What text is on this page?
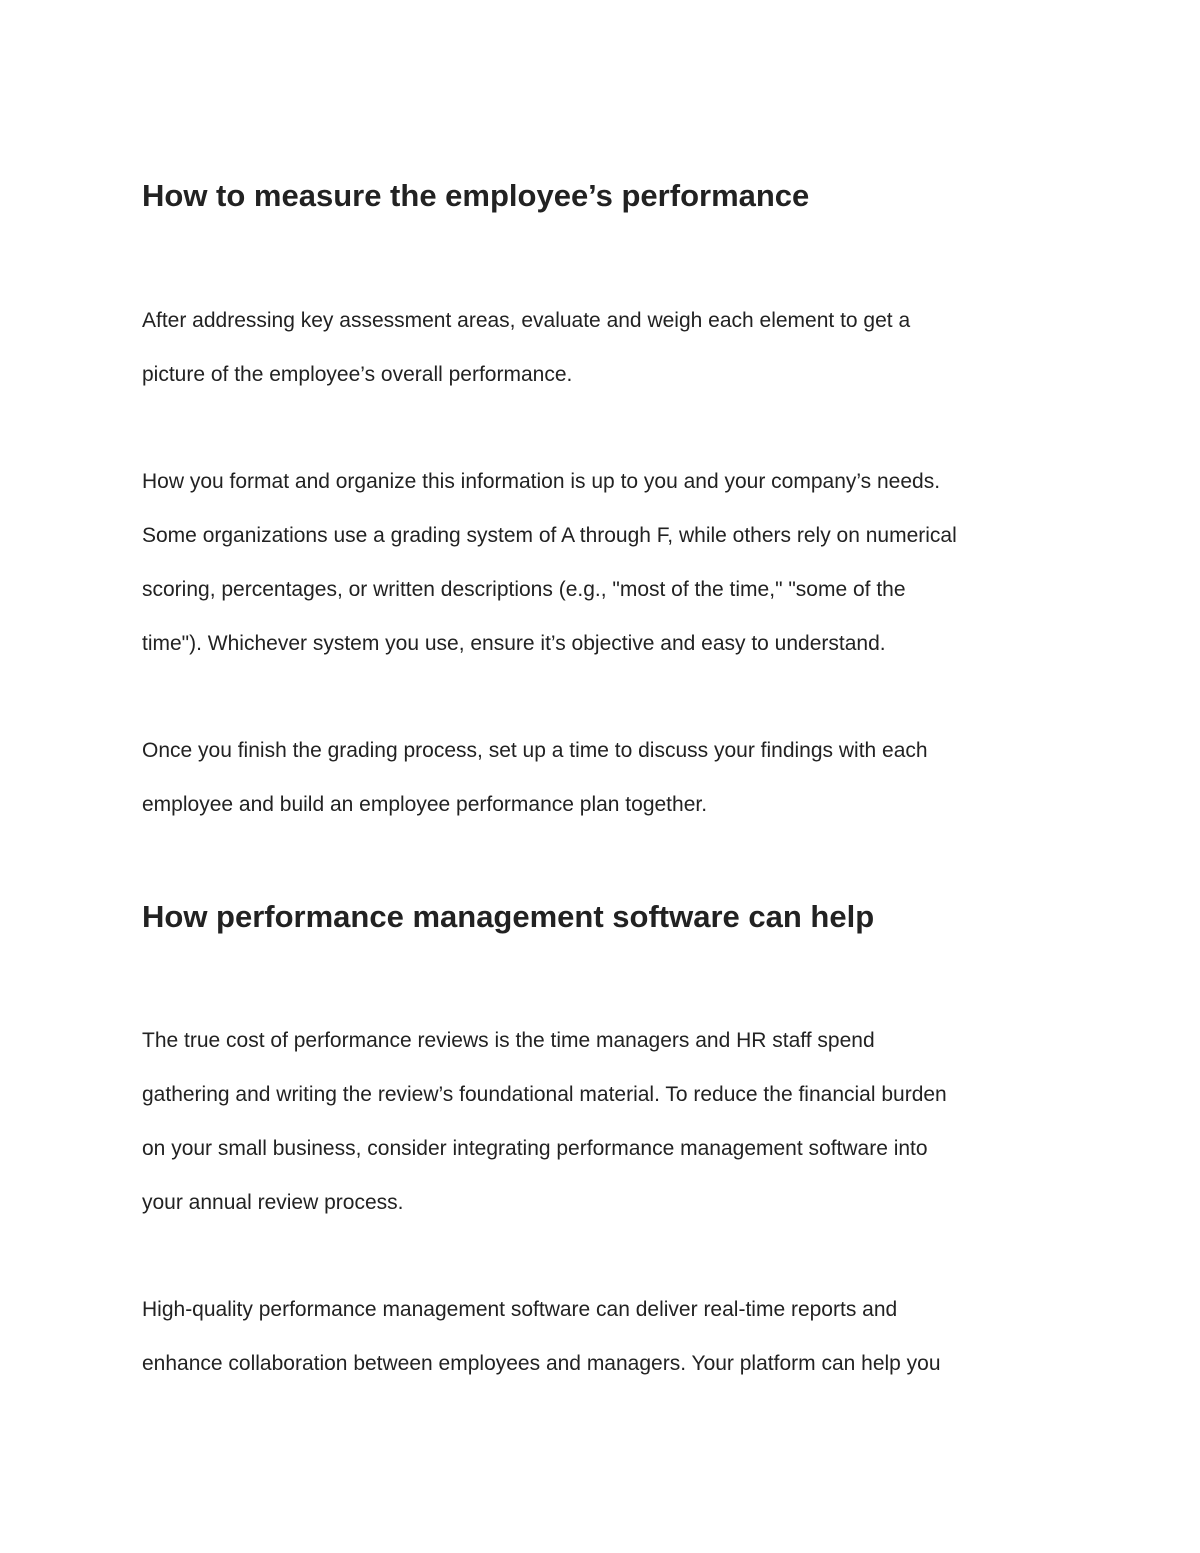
How to measure the employee’s performance

After addressing key assessment areas, evaluate and weigh each element to get a
picture of the employee’s overall performance.

How you format and organize this information is up to you and your company’s needs.
Some organizations use a grading system of A through F, while others rely on numerical
scoring, percentages, or written descriptions (e.g., "most of the time," "some of the
time"). Whichever system you use, ensure it’s objective and easy to understand.

Once you finish the grading process, set up a time to discuss your findings with each
employee and build an employee performance plan together.

How performance management software can help

The true cost of performance reviews is the time managers and HR staff spend
gathering and writing the review’s foundational material. To reduce the financial burden
on your small business, consider integrating performance management software into
your annual review process.

High-quality performance management software can deliver real-time reports and
enhance collaboration between employees and managers. Your platform can help you
